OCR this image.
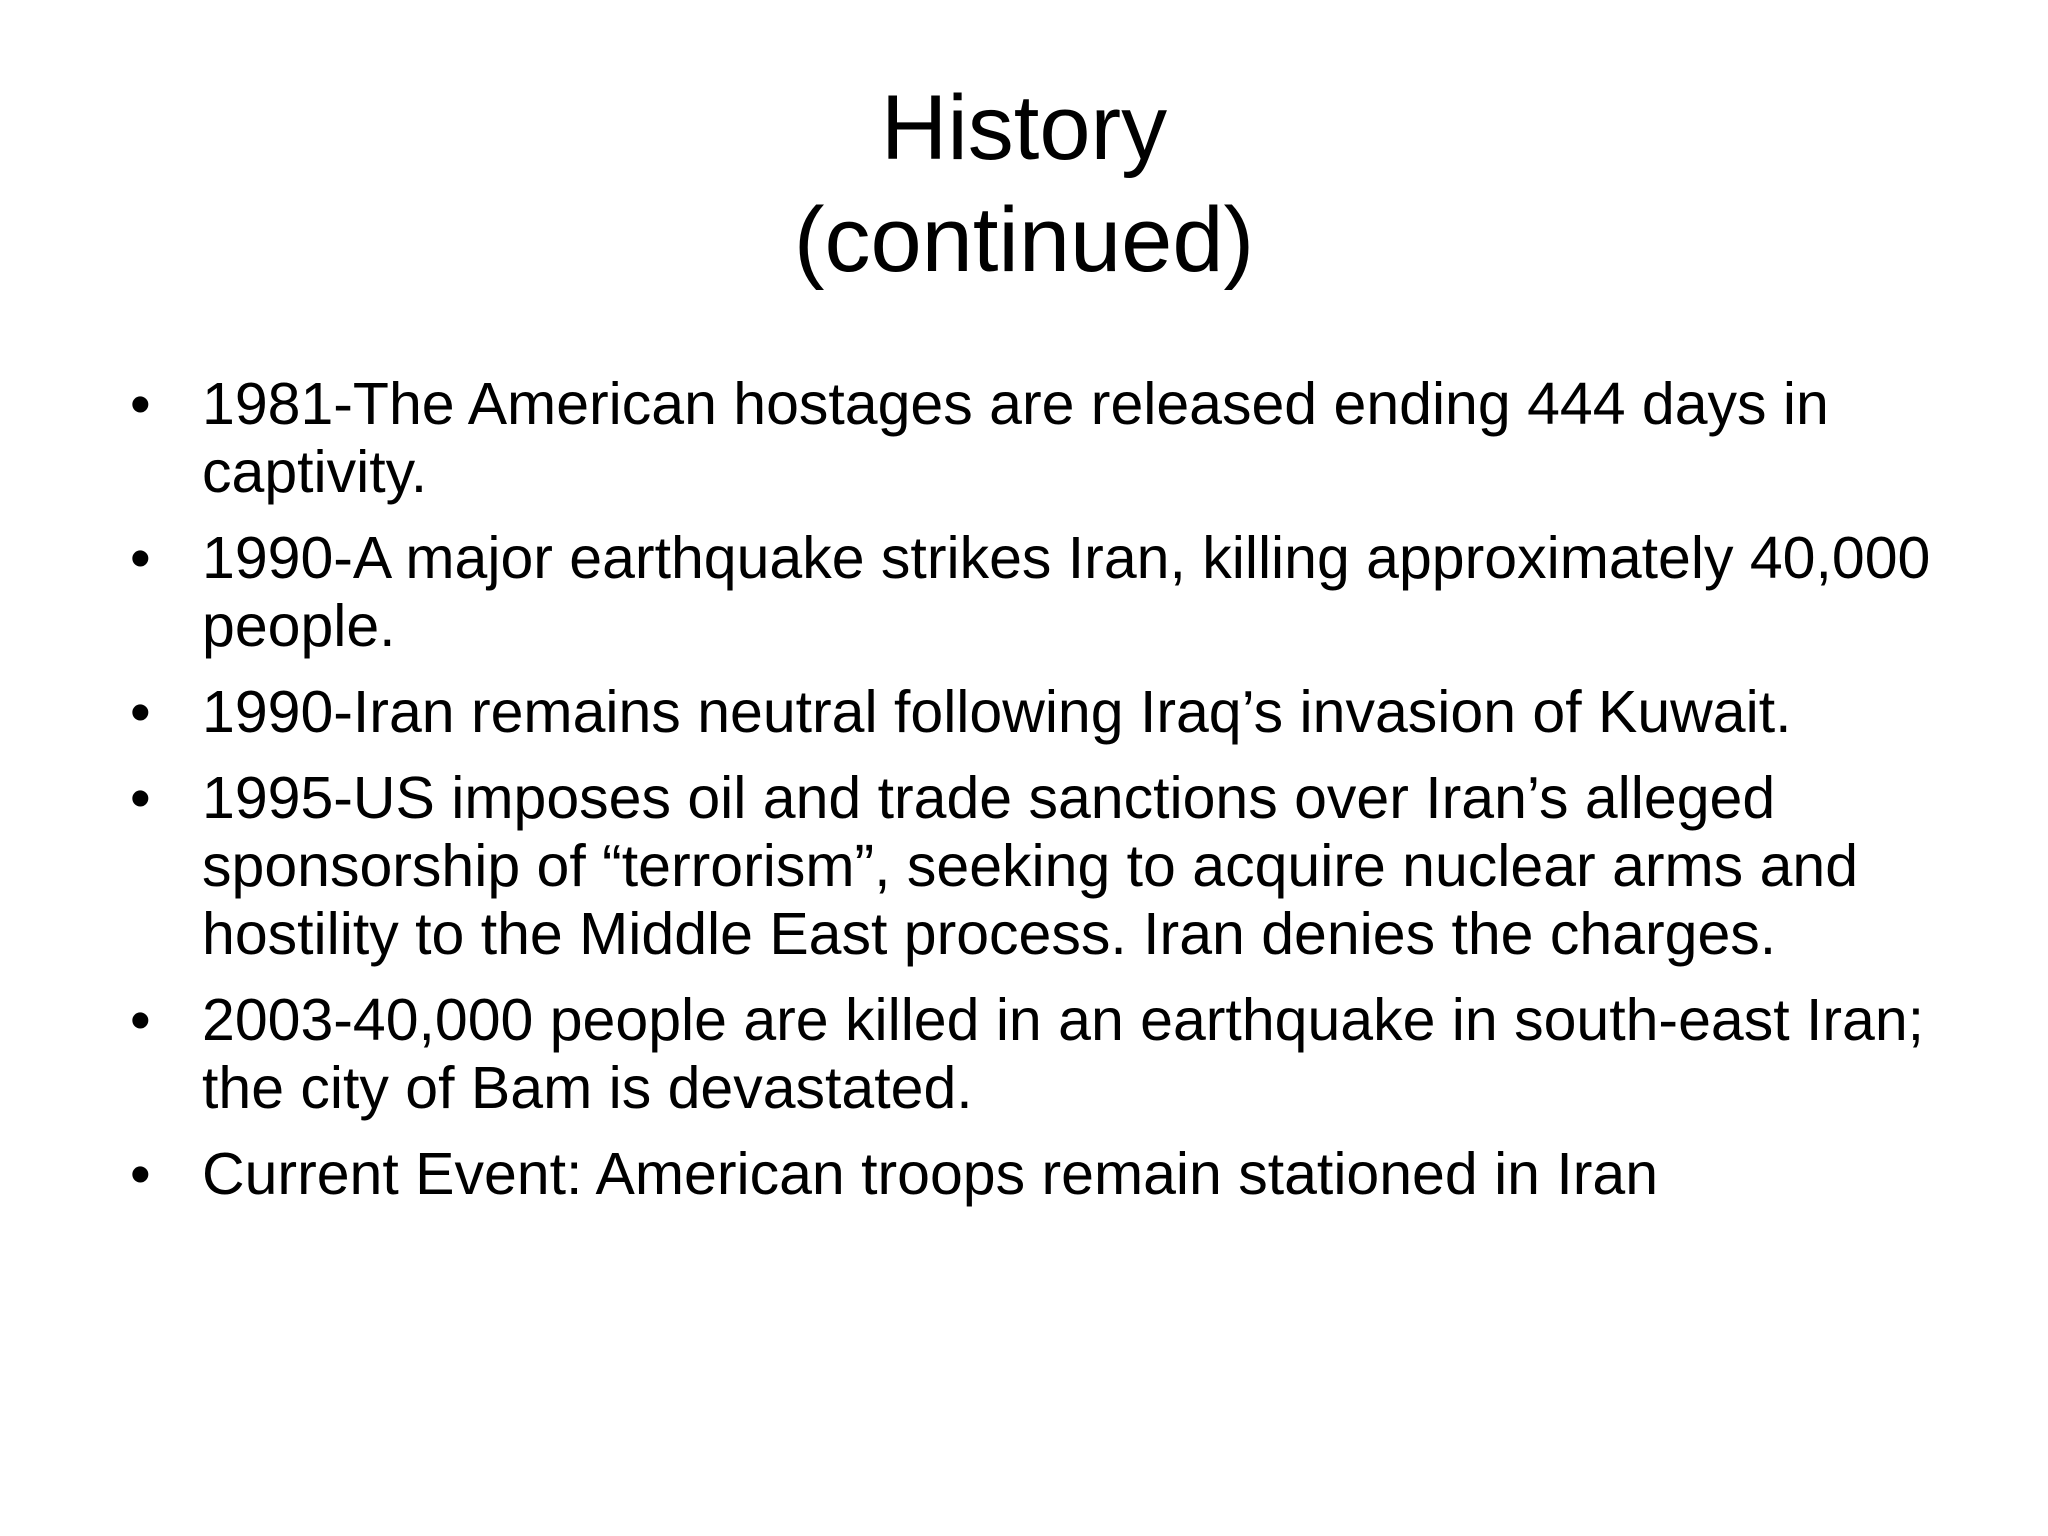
History
(continued)
• 1981-The American hostages are released ending 444 days in captivity.
• 1990-A major earthquake strikes Iran, killing approximately 40,000 people.
• 1990-Iran remains neutral following Iraq’s invasion of Kuwait.
• 1995-US imposes oil and trade sanctions over Iran’s alleged sponsorship of “terrorism”, seeking to acquire nuclear arms and hostility to the Middle East process. Iran denies the charges.
• 2003-40,000 people are killed in an earthquake in south-east Iran; the city of Bam is devastated.
• Current Event: American troops remain stationed in Iran
